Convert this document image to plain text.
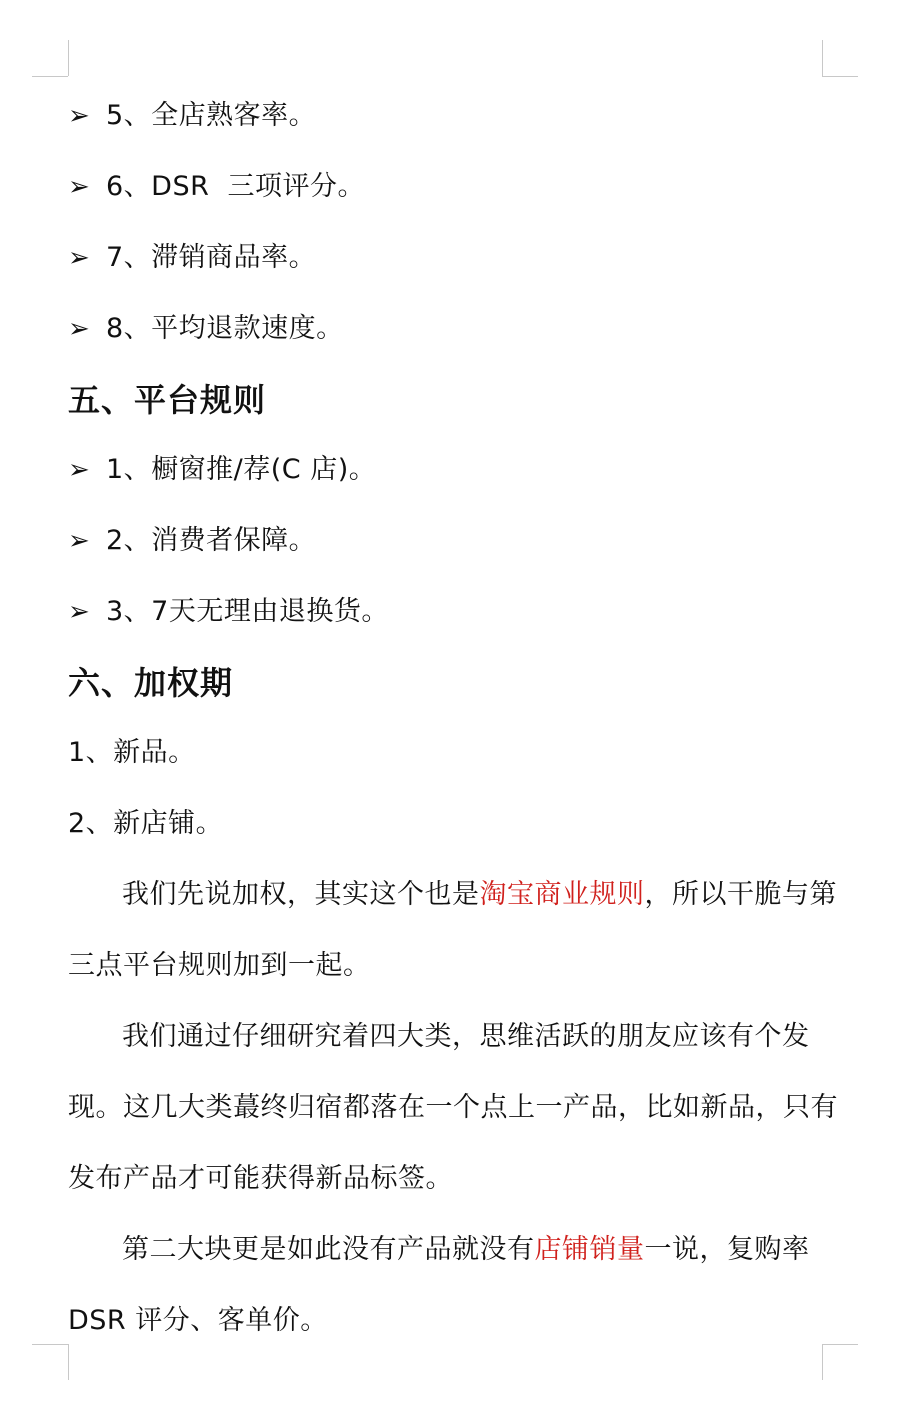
➢ 5、全店熟客率。
➢ 6、DSR  三项评分。
➢ 7、滞销商品率。
➢ 8、平均退款速度。
五、平台规则
➢ 1、橱窗推/荐(C 店)。
➢ 2、消费者保障。
➢ 3、7天无理由退换货。
六、加权期
1、新品。
2、新店铺。
我们先说加权，其实这个也是淘宝商业规则，所以干脆与第
三点平台规则加到一起。
我们通过仔细研究着四大类，思维活跃的朋友应该有个发
现。这几大类蕞终归宿都落在一个点上一产品，比如新品，只有
发布产品才可能获得新品标签。
第二大块更是如此没有产品就没有店铺销量一说，复购率
DSR 评分、客单价。
